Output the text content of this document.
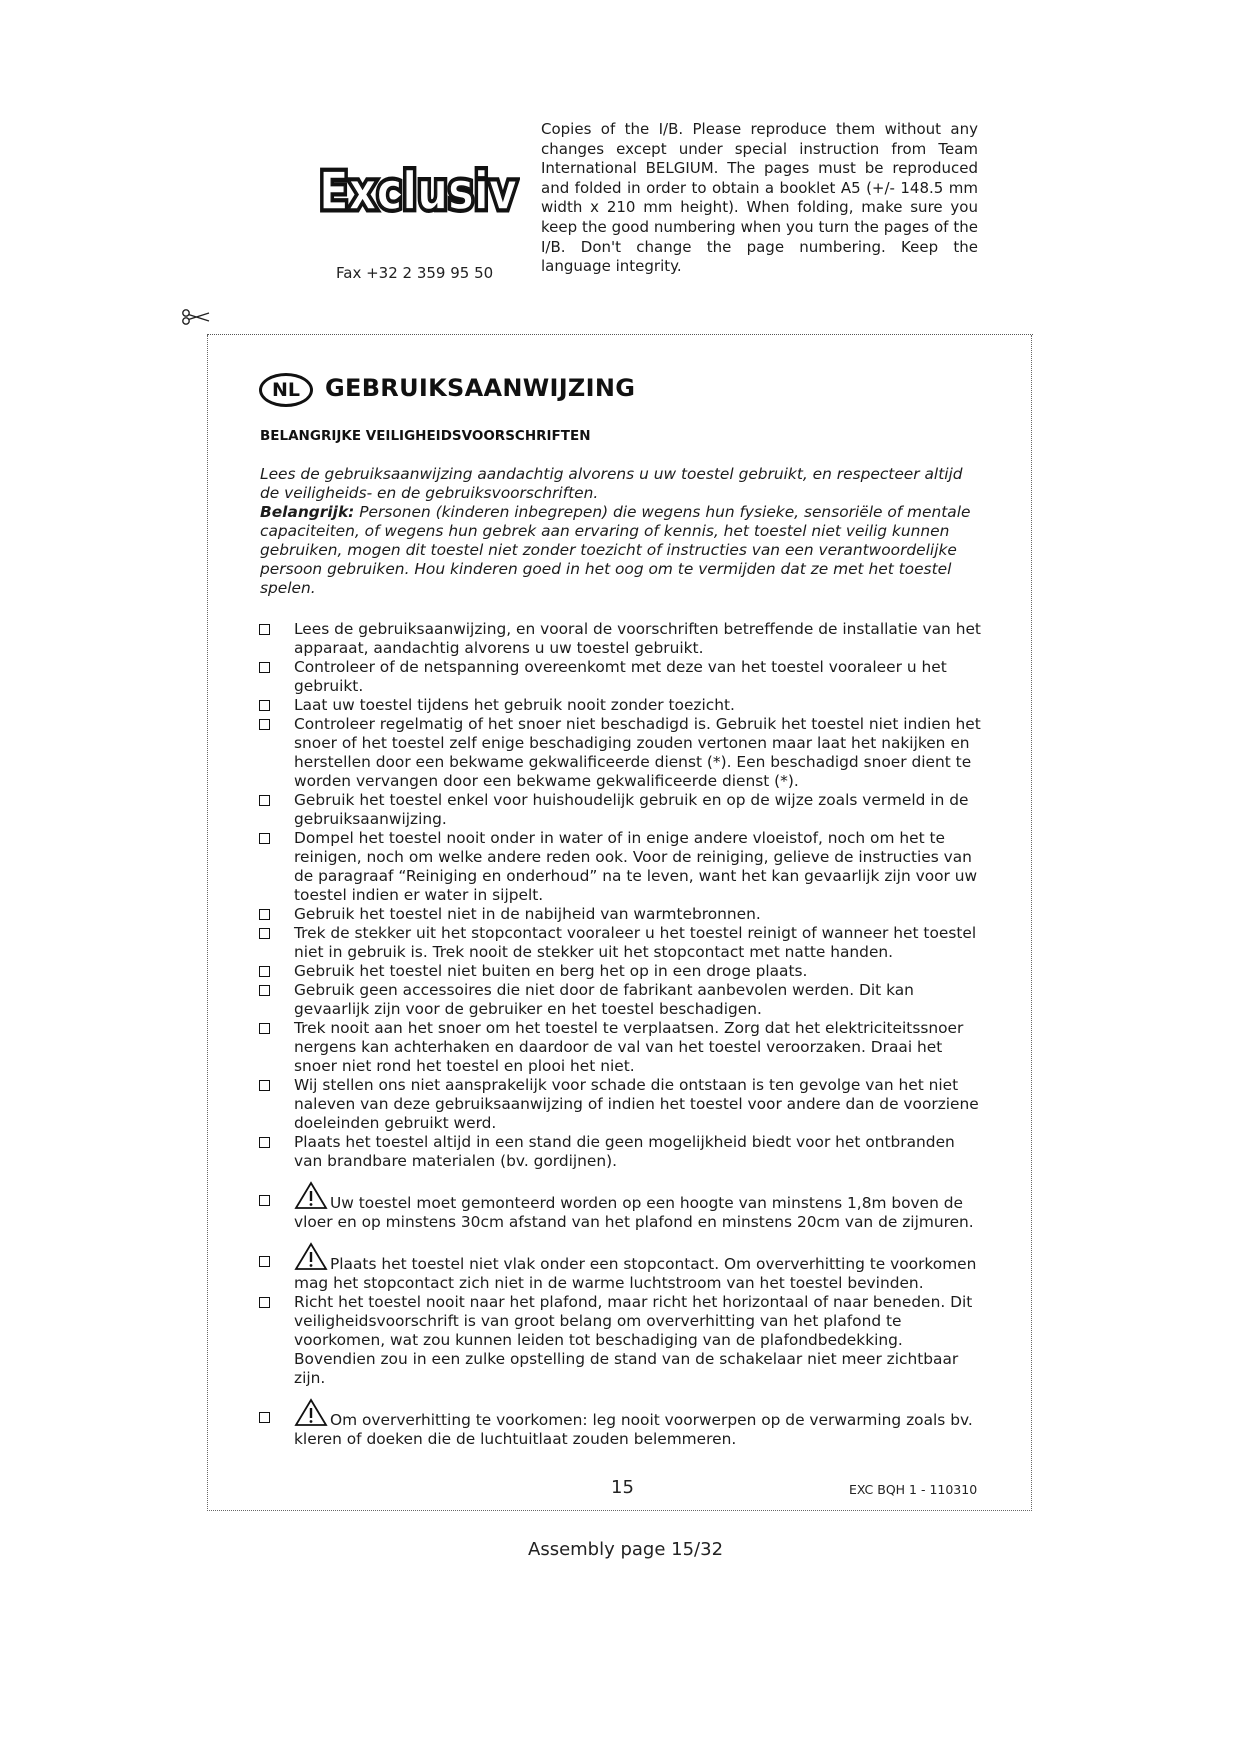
Exclusiv
Exclusiv
Exclusiv
Fax +32 2 359 95 50
Copies of the I/B. Please reproduce them without any changes except under special instruction from Team International BELGIUM. The pages must be reproduced and folded in order to obtain a booklet A5 (+/- 148.5 mm width x 210 mm height). When folding, make sure you keep the good numbering when you turn the pages of the I/B. Don't change the page numbering. Keep the language integrity.
NL	GEBRUIKSAANWIJZING
BELANGRIJKE VEILIGHEIDSVOORSCHRIFTEN

Lees de gebruiksaanwijzing aandachtig alvorens u uw toestel gebruikt, en respecteer altijd de veiligheids- en de gebruiksvoorschriften.

Belangrijk: Personen (kinderen inbegrepen) die wegens hun fysieke, sensoriële of mentale capaciteiten, of wegens hun gebrek aan ervaring of kennis, het toestel niet veilig kunnen gebruiken, mogen dit toestel niet zonder toezicht of instructies van een verantwoordelijke persoon gebruiken. Hou kinderen goed in het oog om te vermijden dat ze met het toestel spelen.

Lees de gebruiksaanwijzing, en vooral de voorschriften betreffende de installatie van het apparaat, aandachtig alvorens u uw toestel gebruikt.
Controleer of de netspanning overeenkomt met deze van het toestel vooraleer u het gebruikt.
Laat uw toestel tijdens het gebruik nooit zonder toezicht.
Controleer regelmatig of het snoer niet beschadigd is. Gebruik het toestel niet indien het snoer of het toestel zelf enige beschadiging zouden vertonen maar laat het nakijken en herstellen door een bekwame gekwalificeerde dienst (*). Een beschadigd snoer dient te worden vervangen door een bekwame gekwalificeerde dienst (*).
Gebruik het toestel enkel voor huishoudelijk gebruik en op de wijze zoals vermeld in de gebruiksaanwijzing.
Dompel het toestel nooit onder in water of in enige andere vloeistof, noch om het te reinigen, noch om welke andere reden ook. Voor de reiniging, gelieve de instructies van de paragraaf “Reiniging en onderhoud” na te leven, want het kan gevaarlijk zijn voor uw toestel indien er water in sijpelt.
Gebruik het toestel niet in de nabijheid van warmtebronnen.
Trek de stekker uit het stopcontact vooraleer u het toestel reinigt of wanneer het toestel niet in gebruik is. Trek nooit de stekker uit het stopcontact met natte handen.
Gebruik het toestel niet buiten en berg het op in een droge plaats.
Gebruik geen accessoires die niet door de fabrikant aanbevolen werden. Dit kan gevaarlijk zijn voor de gebruiker en het toestel beschadigen.
Trek nooit aan het snoer om het toestel te verplaatsen. Zorg dat het elektriciteitssnoer nergens kan achterhaken en daardoor de val van het toestel veroorzaken. Draai het snoer niet rond het toestel en plooi het niet.
Wij stellen ons niet aansprakelijk voor schade die ontstaan is ten gevolge van het niet naleven van deze gebruiksaanwijzing of indien het toestel voor andere dan de voorziene doeleinden gebruikt werd.
Plaats het toestel altijd in een stand die geen mogelijkheid biedt voor het ontbranden van brandbare materialen (bv. gordijnen).
Uw toestel moet gemonteerd worden op een hoogte van minstens 1,8m boven de vloer en op minstens 30cm afstand van het plafond en minstens 20cm van de zijmuren.
Plaats het toestel niet vlak onder een stopcontact. Om oververhitting te voorkomen mag het stopcontact zich niet in de warme luchtstroom van het toestel bevinden.
Richt het toestel nooit naar het plafond, maar richt het horizontaal of naar beneden. Dit veiligheidsvoorschrift is van groot belang om oververhitting van het plafond te voorkomen, wat zou kunnen leiden tot beschadiging van de plafondbedekking. Bovendien zou in een zulke opstelling de stand van de schakelaar niet meer zichtbaar zijn.
Om oververhitting te voorkomen: leg nooit voorwerpen op de verwarming zoals bv. kleren of doeken die de luchtuitlaat zouden belemmeren.
15	EXC BQH 1 - 110310
Assembly page 15/32
